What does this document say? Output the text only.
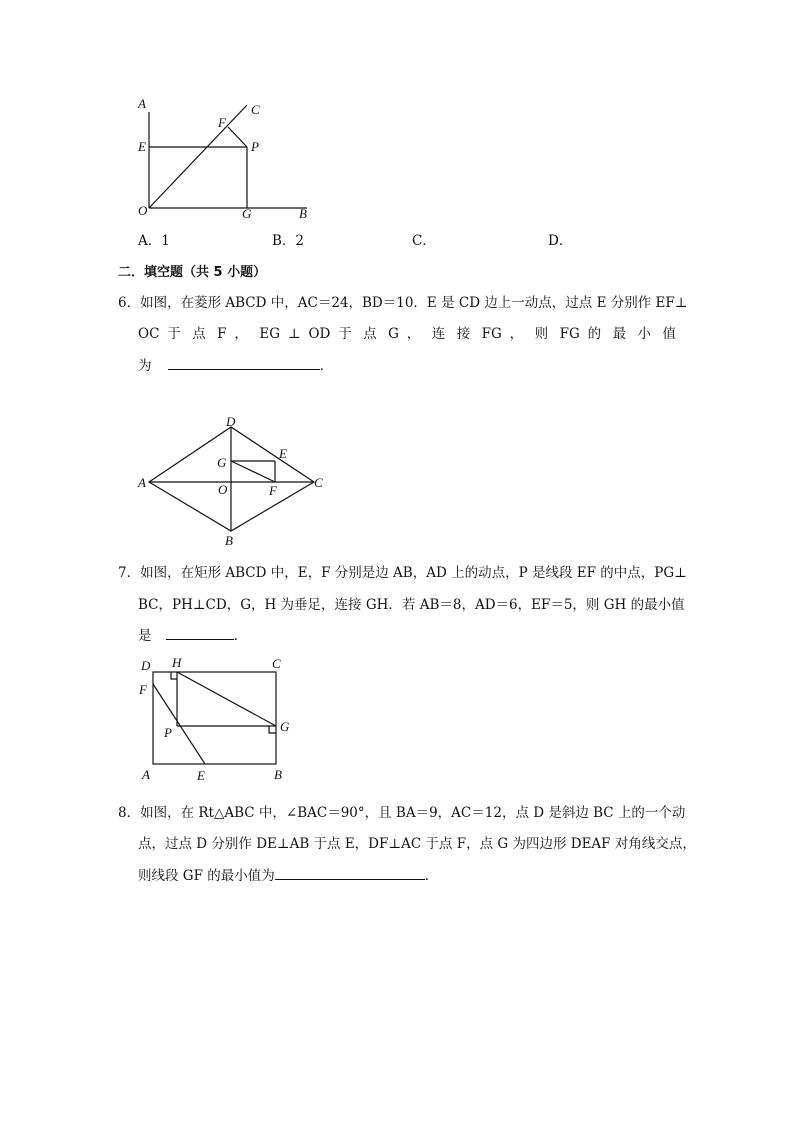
A	C
F
E	P
O	G	B
A．1	B．2	C．	D．
二．填空题（共 5 小题）
6．如图，在菱形 ABCD 中，AC＝24，BD＝10．E 是 CD 边上一动点，过点 E 分别作 EF⊥
OC 于 点 F ， EG ⊥ OD 于 点 G ， 连 接 FG ， 则 FG 的 最 小 值
为	．
D
G
E
A	O	F
C
B
7．如图，在矩形 ABCD 中，E，F 分别是边 AB，AD 上的动点，P 是线段 EF 的中点，PG⊥
BC，PH⊥CD，G，H 为垂足，连接 GH．若 AB＝8，AD＝6，EF＝5，则 GH 的最小值
是	．
D H	C
F
G
P
A	E	B
8．如图，在 Rt△ABC 中，∠BAC＝90°，且 BA＝9，AC＝12，点 D 是斜边 BC 上的一个动
点，过点 D 分别作 DE⊥AB 于点 E，DF⊥AC 于点 F，点 G 为四边形 DEAF 对角线交点，
则线段 GF 的最小值为	．
